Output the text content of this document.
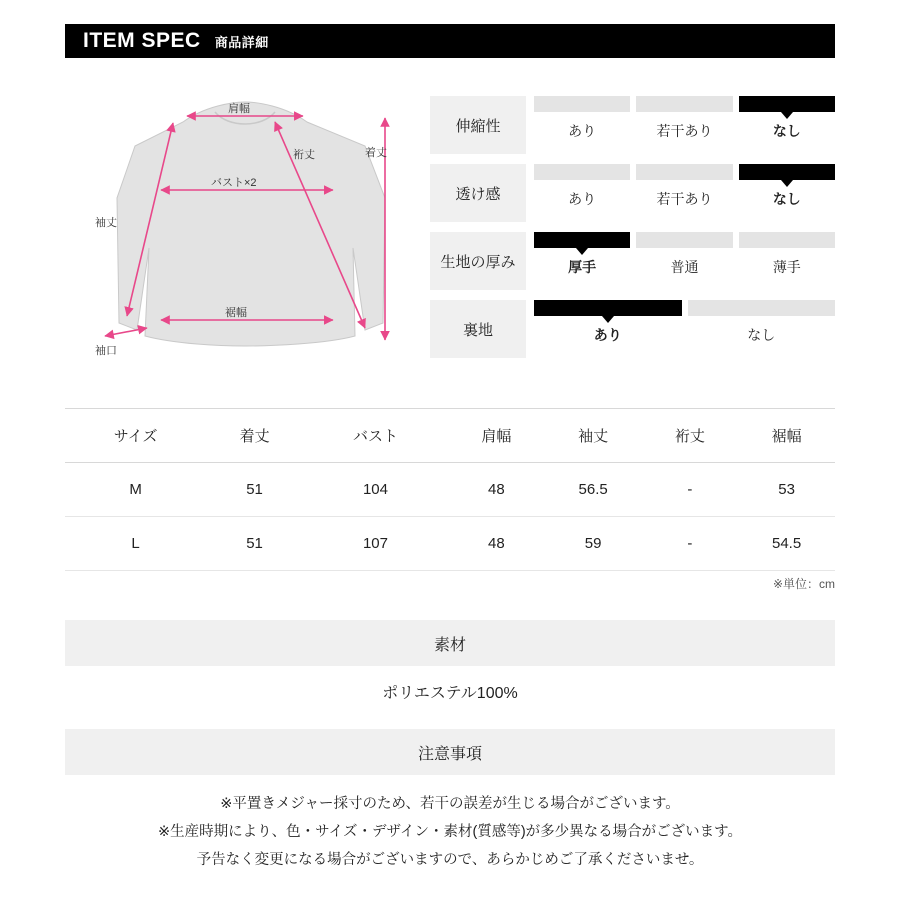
ITEM SPEC 商品詳細
袖丈
肩幅
裄丈	着丈
バスト×2
裾幅
袖口
伸縮性	あり	若干あり	なし
透け感	あり	若干あり	なし
生地の厚み	厚手	普通	薄手
裏地	あり	なし
サイズ	着丈	バスト	肩幅	袖丈	裄丈	裾幅
M	51	104	48	56.5	-	53
L	51	107	48	59	-	54.5
※単位：cm
素材
ポリエステル100%
注意事項
※平置きメジャー採寸のため、若干の誤差が生じる場合がございます。
※生産時期により、色・サイズ・デザイン・素材(質感等)が多少異なる場合がございます。
予告なく変更になる場合がございますので、あらかじめご了承くださいませ。
